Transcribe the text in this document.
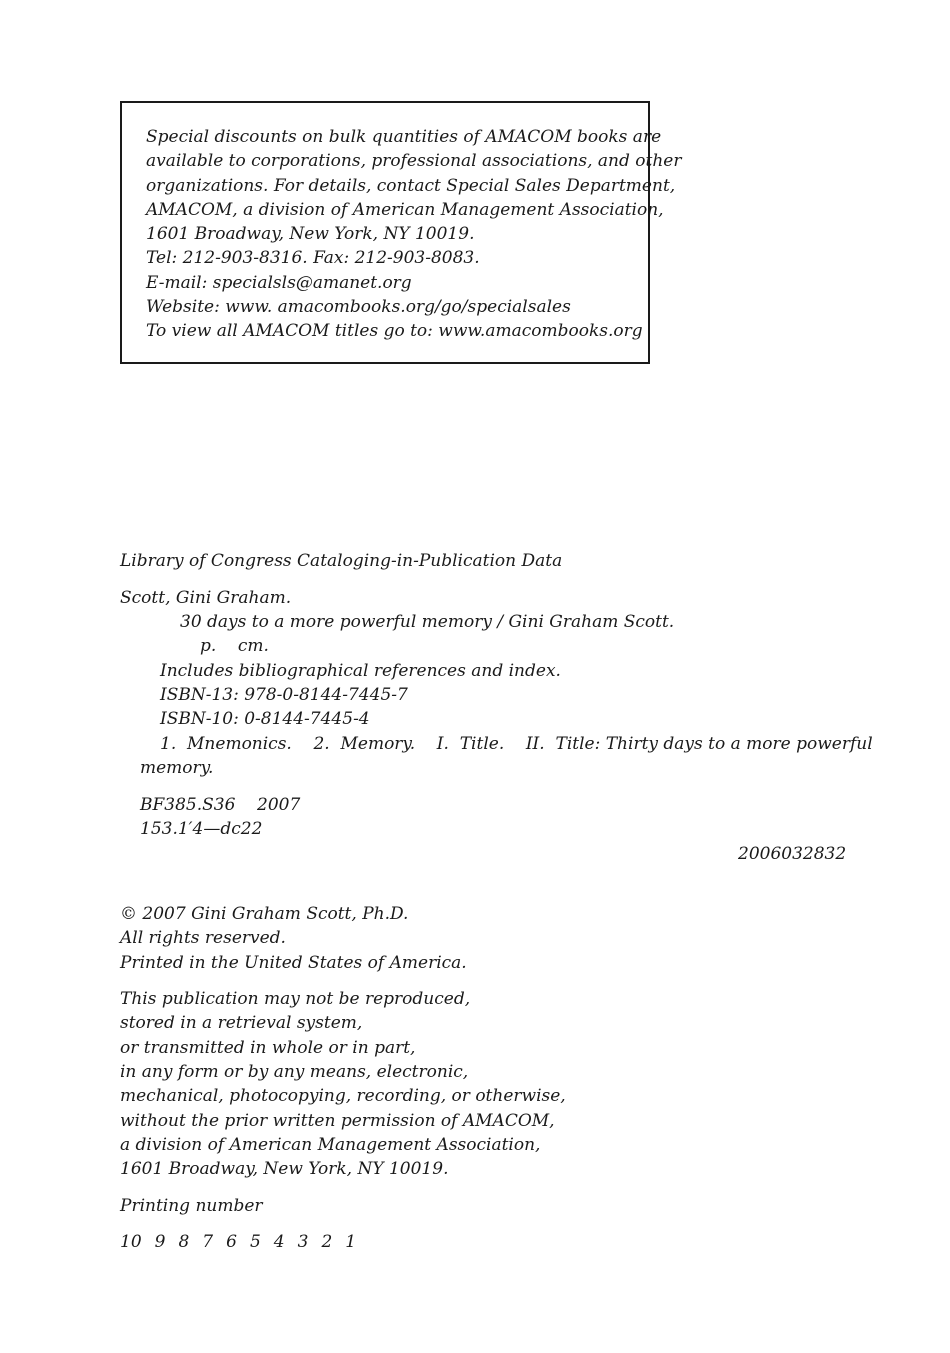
Special discounts on bulk quantities of AMACOM books are
available to corporations, professional associations, and other
organizations. For details, contact Special Sales Department,
AMACOM, a division of American Management Association,
1601 Broadway, New York, NY 10019.
Tel: 212-903-8316. Fax: 212-903-8083.
E-mail: specialsls@amanet.org
Website: www. amacombooks.org/go/specialsales
To view all AMACOM titles go to: www.amacombooks.org
Library of Congress Cataloging-in-Publication Data
Scott, Gini Graham.
30 days to a more powerful memory / Gini Graham Scott.
p.    cm.
Includes bibliographical references and index.
ISBN-13: 978-0-8144-7445-7
ISBN-10: 0-8144-7445-4
1.  Mnemonics.    2.  Memory.    I.  Title.    II.  Title: Thirty days to a more powerful
memory.
BF385.S36    2007
153.1′4—dc22
2006032832
© 2007 Gini Graham Scott, Ph.D.
All rights reserved.
Printed in the United States of America.
This publication may not be reproduced,
stored in a retrieval system,
or transmitted in whole or in part,
in any form or by any means, electronic,
mechanical, photocopying, recording, or otherwise,
without the prior written permission of AMACOM,
a division of American Management Association,
1601 Broadway, New York, NY 10019.
Printing number
10 9 8 7 6 5 4 3 2 1
